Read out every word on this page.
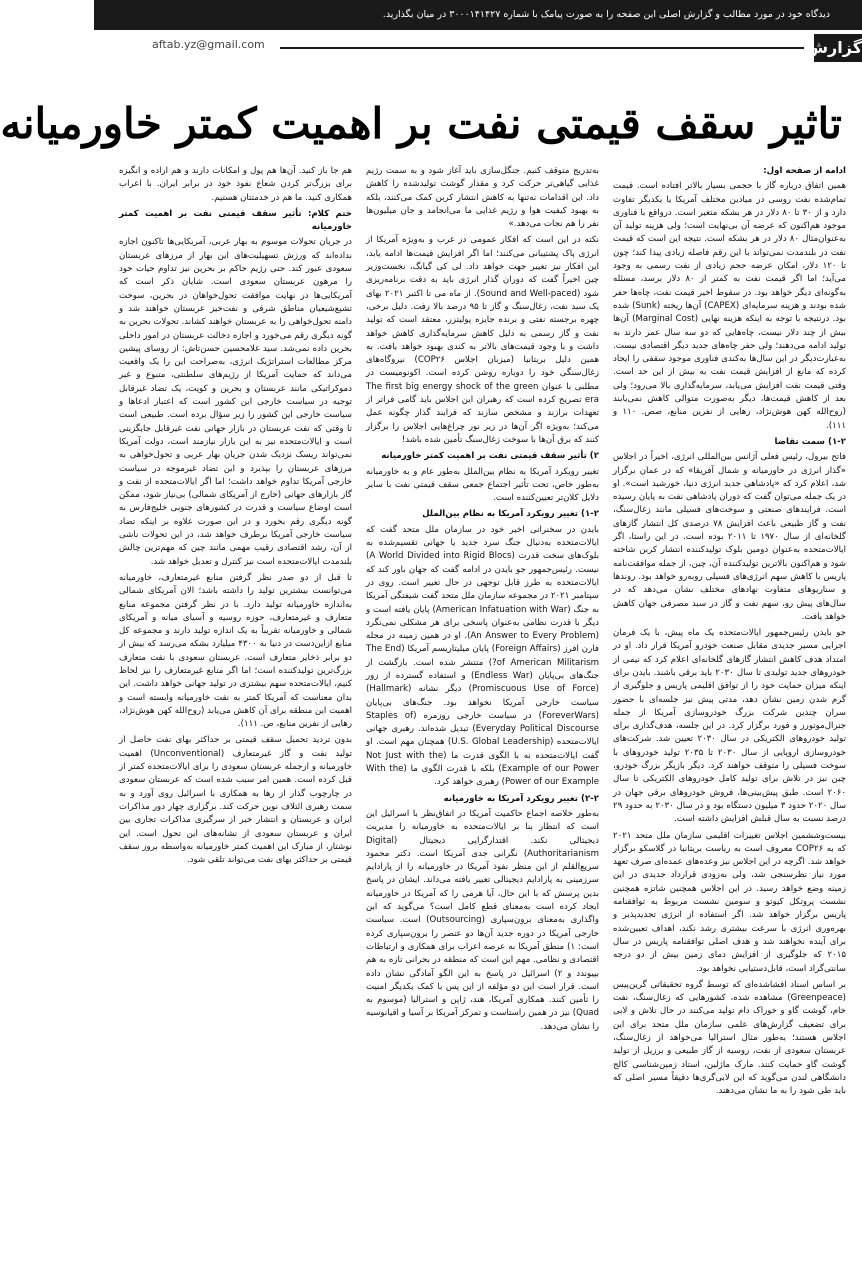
دیدگاه خود در مورد مطالب و گزارش اصلی این صفحه را به صورت پیامک با شماره ۳۰۰۰۱۴۱۴۲۷ در میان بگذارید.
گزارش
aftab.yz@gmail.com
تاثیر سقف قیمتی نفت بر اهمیت کمتر خاورمیانه

ادامه از صفحه اول:

همین اتفاق درباره گاز با حجمی بسیار بالاتر افتاده است. قیمت تمام‌شده نفت روسی در میادین مختلف آمریکا یا یکدیگر تفاوت دارد و از ۳۰ تا ۸۰ دلار در هر بشکه متغیر است. درواقع با فناوری موجود هم‌اکنون که عرضه آن بی‌نهایت است؛ ولی هزینه تولید آن به‌عنوان‌مثال ۸۰ دلار در هر بشکه است. نتیجه این است که قیمت نفت در بلندمدت نمی‌تواند با این رقم فاصله زیادی پیدا کند؛ چون تا ۱۲۰ دلار، امکان عرضه حجم زیادی از نفت رسمی به وجود می‌آید؛ اما اگر قیمت نفت به کمتر از ۸۰ دلار برسد، مسئله به‌گونه‌ای دیگر خواهد بود. در سقوط اخیر قیمت نفت، چاه‌ها حفر شده بودند و هزینه سرمایه‌ای (CAPEX) آن‌ها ریخته (Sunk) شده بود. درنتیجه با توجه به اینکه هزینه نهایی (Marginal Cost) آن‌ها بیش از چند دلار نیست، چاه‌هایی که دو سه سال عمر دارند به تولید ادامه می‌دهند؛ ولی حفر چاه‌های جدید دیگر اقتصادی نیست. به‌عبارت‌دیگر در این سال‌ها به‌کندی فناوری موجود سقفی را ایجاد کرده که مانع از افزایش قیمت نفت به بیش از این حد است. وقتی قیمت نفت افزایش می‌یابد، سرمایه‌گذاری بالا می‌رود؛ ولی بعد از کاهش قیمت‌ها، دیگر به‌صورت متوالی کاهش نمی‌یابند (روح‌الله کهن هوش‌نژاد، رهایی از نفرین منابع، صص. ۱۱۰ و ۱۱۱).

۱-۲) سمت تقاضا

فاتح بیرول، رئیس فعلی آژانس بین‌المللی انرژی، اخیراً در اجلاس «گذار انرژی در خاورمیانه و شمال آفریقا» که در عمان برگزار شد، اعلام کرد که «پادشاهی جدید انرژی دنیا، خورشید است». او در یک جمله می‌توان گفت که دوران پادشاهی نفت به پایان رسیده است. فرایندهای صنعتی و سوخت‌های فسیلی مانند زغال‌سنگ، نفت و گاز طبیعی باعث افزایش ۷۸ درصدی کل انتشار گازهای گلخانه‌ای از سال ۱۹۷۰ تا ۲۰۱۱ بوده است. در این راستا، اگر ایالات‌متحده به‌عنوان دومین بلوک تولیدکننده انتشار کربن شاخته شود و هم‌اکنون بالاترین تولیدکننده آن، چین، از جمله موافقت‌نامه پاریس با کاهش سهم انرژی‌های فسیلی روبه‌رو خواهد بود. روندها و سناریوهای متفاوت نهادهای مختلف نشان می‌دهد که در سال‌های پیش رو، سهم نفت و گاز در سبد مصرفی جهان کاهش خواهد یافت.

جو بایدن رئیس‌جمهور ایالات‌متحده یک ماه پیش، با یک فرمان اجرایی مسیر جدیدی مقابل صنعت خودرو آمریکا قرار داد. او در امتداد هدف کاهش انتشار گازهای گلخانه‌ای اعلام کرد که نیمی از خودروهای جدید تولیدی تا سال ۲۰۳۰ باید برقی باشند. بایدن برای اینکه میزان حمایت خود را از توافق اقلیمی پاریس و جلوگیری از گرم شدن زمین نشان دهد، مدتی پیش نیز جلسه‌ای با حضور سران چندین شرکت بزرگ خودروسازی آمریکا از جمله جنرال‌موتورز و فورد برگزار کرد. در این جلسه، هدف‌گذاری برای تولید خودروهای الکتریکی در سال ۲۰۳۰ تعیین شد. شرکت‌های خودروسازی اروپایی از سال ۲۰۳۰ تا ۲۰۳۵ تولید خودروهای با سوخت فسیلی را متوقف خواهند کرد. دیگر بازیگر بزرگ خودرو، چین نیز در تلاش برای تولید کامل خودروهای الکتریکی تا سال ۲۰۶۰ است. طبق پیش‌بینی‌ها، فروش خودروهای برقی جهان در سال ۲۰۲۰ حدود ۳ میلیون دستگاه بود و در سال ۲۰۳۰ به حدود ۲۹ درصد نسبت به سال قبلش افزایش داشته است.

بیست‌وششمین اجلاس تغییرات اقلیمی سازمان ملل متحد ۲۰۲۱ که به COP۲۶ معروف است به ریاست بریتانیا در گلاسکو برگزار خواهد شد. اگرچه در این اجلاس نیز وعده‌های عمده‌ای صرف تعهد مورد نیاز نظرسنجی شد، ولی به‌زودی قرارداد جدیدی در این زمینه وضع خواهد رسید. در این اجلاس همچنین شاتزه همچنین نشست پروتکل کیوتو و سومین نشست مربوط به توافقنامه پاریس برگزار خواهد شد. اگر استفاده از انرژی تجدیدپذیر و بهره‌وری انرژی با سرعت بیشتری رشد نکند، اهداف تعیین‌شده برای آینده نخواهند شد و هدف اصلی توافقنامه پاریس در سال ۲۰۱۵ که جلوگیری از افزایش دمای زمین بیش از دو درجه سانتی‌گراد است، قابل‌دستیابی نخواهد بود.

بر اساس اسناد افشاشده‌ای که توسط گروه تحقیقاتی گرین‌پیس (Greenpeace) مشاهده شده، کشورهایی که زغال‌سنگ، نفت خام، گوشت گاو و خوراک دام تولید می‌کنند در حال تلاش و لابی برای تضعیف گزارش‌های علمی سازمان ملل متحد برای این اجلاس هستند؛ به‌طور مثال استرالیا می‌خواهد از زغال‌سنگ، عربستان سعودی از نفت، روسیه از گاز طبیعی و برزیل از تولید گوشت گاو حمایت کنند. مارک ماژلین، استاد زمین‌شناسی کالج دانشگاهی لندن می‌گوید که این لابی‌گری‌ها دقیقاً مسیر اصلی که باید طی شود را به ما نشان می‌دهند.

به‌تدریج متوقف کنیم. جنگل‌سازی باید آغاز شود و به سمت رژیم غذایی گیاهی‌تر حرکت کرد و مقدار گوشت تولیدشده را کاهش داد. این اقدامات نه‌تنها به کاهش انتشار کربن کمک می‌کنند، بلکه به بهبود کیفیت هوا و رژیم غذایی ما می‌انجامد و جان میلیون‌ها نفر را هم نجات می‌دهد.»

نکته در این است که افکار عمومی در غرب و به‌ویژه آمریکا از انرژی پاک پشتیبانی می‌کنند؛ اما اگر افزایش قیمت‌ها ادامه یابد، این افکار نیز تغییر جهت خواهد داد. لی کی گیانگ، نخست‌وزیر چین اخیراً گفت که دوران گذار انرژی باید به دقت برنامه‌ریزی شود (Sound and Well-paced). از ماه می تا اکتبر ۲۰۲۱ بهای یک سبد نفت، زغال‌سنگ و گاز تا ۹۵ درصد بالا رفت. دلیل برخی، چهره برجسته نفتی و برنده جایزه پولیتزر، معتقد است که تولید نفت و گاز رسمی به دلیل کاهش سرمایه‌گذاری کاهش خواهد داشت و با وجود قیمت‌های بالاتر به کندی بهبود خواهد یافت. به همین دلیل بریتانیا (میزبان اجلاس COP۲۶) نیروگاه‌های زغال‌سنگی خود را دوباره روشن کرده است. اکونومیست در مطلبی با عنوان The first big energy shock of the green era تصریح کرده است که رهبران این اجلاس باید گامی فراتر از تعهدات برازند و مشخص سازند که فرایند گذار چگونه عمل می‌کند؛ به‌ویژه اگر آن‌ها در زیر نور چراغ‌هایی اجلاس را برگزار کنند که برق آن‌ها با سوخت زغال‌سنگ تأمین شده باشد!

۲) تأثیر سقف قیمتی نفت بر اهمیت کمتر خاورمیانه

تغییر رویکرد آمریکا به نظام بین‌الملل به‌طور عام و به خاورمیانه به‌طور خاص، تحت تأثیر اجتماع جمعی سقف قیمتی نفت با سایر دلایل کلان‌تر تعیین‌کننده است.

۱-۲) تغییر رویکرد آمریکا به نظام بین‌الملل

بایدن در سخنرانی اخیر خود در سازمان ملل متحد گفت که ایالات‌متحده به‌دنبال جنگ سرد جدید یا جهانی تقسیم‌شده به بلوک‌های سخت قدرت (A World Divided into Rigid Blocs) نیست. رئیس‌جمهور جو بایدن در ادامه گفت که جهان باور کند که ایالات‌متحده به طرز قابل توجهی در حال تغییر است. روی در سپتامبر ۲۰۲۱ در مجموعه سازمان ملل متحد گفت شیفتگی آمریکا به جنگ (American Infatuation with War) پایان یافته است و دیگر با قدرت نظامی به‌عنوان پاسخی برای هر مشکلی نمی‌نگرد (An Answer to Every Problem). او در همین زمینه در مجله فارن افرز (Foreign Affairs) پایان میلیتاریسم آمریکا (The End of American Militarism?) منتشر شده است. بازگشت از جنگ‌های بی‌پایان (Endless War) و استفاده گسترده از زور (Promiscuous Use of Force) دیگر نشانه (Hallmark) سیاست خارجی آمریکا نخواهد بود. جنگ‌های بی‌پایان (ForeverWars) در سیاست خارجی روزمره (Staples of Everyday Political Discourse) تبدیل شده‌اند. رهبری جهانی ایالات‌متحده (U.S. Global Leadership) همچنان مهم است. او گفت ایالات‌متحده نه با الگوی قدرت ما (Not Just with the Example of our Power) بلکه با قدرت الگوی ما (With the Power of our Example) رهبری خواهد کرد.

۲-۲) تغییر رویکرد آمریکا به خاورمیانه

به‌طور خلاصه اجماع حاکمیت آمریکا در اتفاق‌نظر با اسرائیل این است که انتظار بنا بر ایالات‌متحده به خاورمیانه را مدیریت دیجیتالی نکند. اقتدارگرایی دیجیتال (Digital Authoritarianism) نگرانی جدی آمریکا است. دکتر محمود سریع‌القلم از این منظر نفوذ آمریکا در خاورمیانه را از پارادایم سرزمینی به پارادایم دیجیتالی تغییر یافته می‌داند. ایشان در پاسخ بدین پرسش که با این حال، آیا هرمی را که آمریکا در خاورمیانه ایجاد کرده است به‌معنای قطع کامل است؟ می‌گوید که این واگذاری به‌معنای برون‌سپاری (Outsourcing) است. سیاست خارجی آمریکا در دوره جدید آن‌ها دو عنصر را برون‌سپاری کرده است: ۱) منطق آمریکا به عرصه اعراب برای همکاری و ارتباطات اقتصادی و نظامی. مهم این است که منطقه در بحرانی تازه به هم بپیوندد و ۲) اسرائیل در پاسخ به این الگو آمادگی نشان داده است. قرار است این دو مؤلفه از این پس با کمک یکدیگر امنیت را تأمین کنند. همکاری آمریکا، هند، ژاپن و استرالیا (موسوم به Quad) نیز در همین راستاست و تمرکز آمریکا بر آسیا و اقیانوسیه را نشان می‌دهد.

هم جا باز کنید. آن‌ها هم پول و امکانات دارند و هم اراده و انگیزه برای بزرگ‌تر کردن شعاع نفوذ خود در برابر ایران. با اعراب همکاری کنید. ما هم در خدمتتان هستیم.

ختم کلام: تأثیر سقف قیمتی نفت بر اهمیت کمتر خاورمیانه

در جریان تحولات موسوم به بهار عربی، آمریکایی‌ها تاکنون اجازه نداده‌اند که ورزش تسهیلیت‌های این بهار از مرزهای عربستان سعودی عبور کند. حتی رژیم حاکم بر بحرین نیز تداوم حیات خود را مرهون عربستان سعودی است. شایان ذکر است که آمریکایی‌ها در نهایت موافقت تحول‌خواهان در بحرین، سوخت تشیع‌شیعیان مناطق شرقی و نفت‌خیز عربستان خواهند شد و دامنه تحول‌خواهی را به عربستان خواهند کشاند. تحولات بحرین به گونه دیگری رقم می‌خورد و اجازه دخالت عربستان در امور داخلی بحرین داده نمی‌شد. سید غلامحسین حسن‌تاش: از روسای پیشین مرکز مطالعات استراتژیک انرژی، به‌صراحت این را یک واقعیت می‌داند که حمایت آمریکا از رژیم‌های سلطنتی، متبوع و غیر دموکراتیکی مانند عربستان و بحرین و کویت، یک تضاد غیرقابل توجیه در سیاست خارجی این کشور است که اعتبار ادعاها و سیاست خارجی این کشور را زیر سؤال برده است. طبیعی است تا وقتی که نفت عربستان در بازار جهانی نفت غیرقابل جایگزینی است و ایالات‌متحده نیز به این بازار نیازمند است، دولت آمریکا نمی‌تواند ریسک نزدیک شدن جریان بهار عربی و تحول‌خواهی به مرزهای عربستان را بپذیرد و این تضاد غیرموجه در سیاست خارجی آمریکا تداوم خواهد داشت؛ اما اگر ایالات‌متحده از نفت و گاز بازارهای جهانی (خارج از آمریکای شمالی) بی‌نیاز شود، ممکن است اوضاع سیاست و قدرت در کشورهای جنوبی خلیج‌فارس به گونه دیگری رقم بخورد و در این صورت علاوه بر اینکه تضاد سیاست خارجی آمریکا برطرف خواهد شد، در این تحولات ناشی از آن، رشد اقتصادی رقیب مهمی مانند چین که مهم‌ترین چالش بلندمدت ایالات‌متحده است نیز کنترل و تعدیل خواهد شد.

تا قبل از دو صدر نظر گرفتن منابع غیرمتعارف، خاورمیانه می‌توانست بیشترین تولید را داشته باشد؛ الان آمریکای شمالی به‌اندازه خاورمیانه تولید دارد. با در نظر گرفتن مجموعه منابع متعارف و غیرمتعارف، حوزه روسیه و آسیای میانه و آمریکای شمالی و خاورمیانه تقریباً به یک اندازه تولید دارند و مجموعه کل منابع ازاین‌دست در دنیا به ۴۳۰۰ میلیارد بشکه می‌رسد که بیش از دو برابر ذخایر متعارف است. عربستان سعودی با نفت متعارف بزرگ‌ترین تولیدکننده است؛ اما اگر منابع غیرمتعارف را نیز لحاظ کنیم، ایالات‌متحده سهم بیشتری در تولید جهانی خواهد داشت. این بدان معناست که آمریکا کمتر به نفت خاورمیانه وابسته است و اهمیت این منطقه برای آن کاهش می‌یابد (روح‌الله کهن هوش‌نژاد، رهایی از نفرین منابع، ص. ۱۱۱).

بدون تردید تحمیل سقف قیمتی بر حداکثر بهای نفت حاصل از تولید نفت و گاز غیرمتعارف (Unconventional) اهمیت خاورمیانه و ازجمله عربستان سعودی را برای ایالات‌متحده کمتر از قبل کرده است. همین امر سبب شده است که عربستان سعودی در چارچوب گذار از رها به همکاری با اسرائیل روی آورد و به سمت رهبری ائتلاف نوین حرکت کند. برگزاری چهار دور مذاکرات ایران و عربستان و انتشار خبر از سرگیری مذاکرات تجاری بین ایران و عربستان سعودی از نشانه‌های این تحول است. این نوشتار، از مبارک این اهمیت کمتر خاورمیانه به‌واسطه بروز سقف قیمتی بر حداکثر بهای نفت می‌تواند تلقی شود.
